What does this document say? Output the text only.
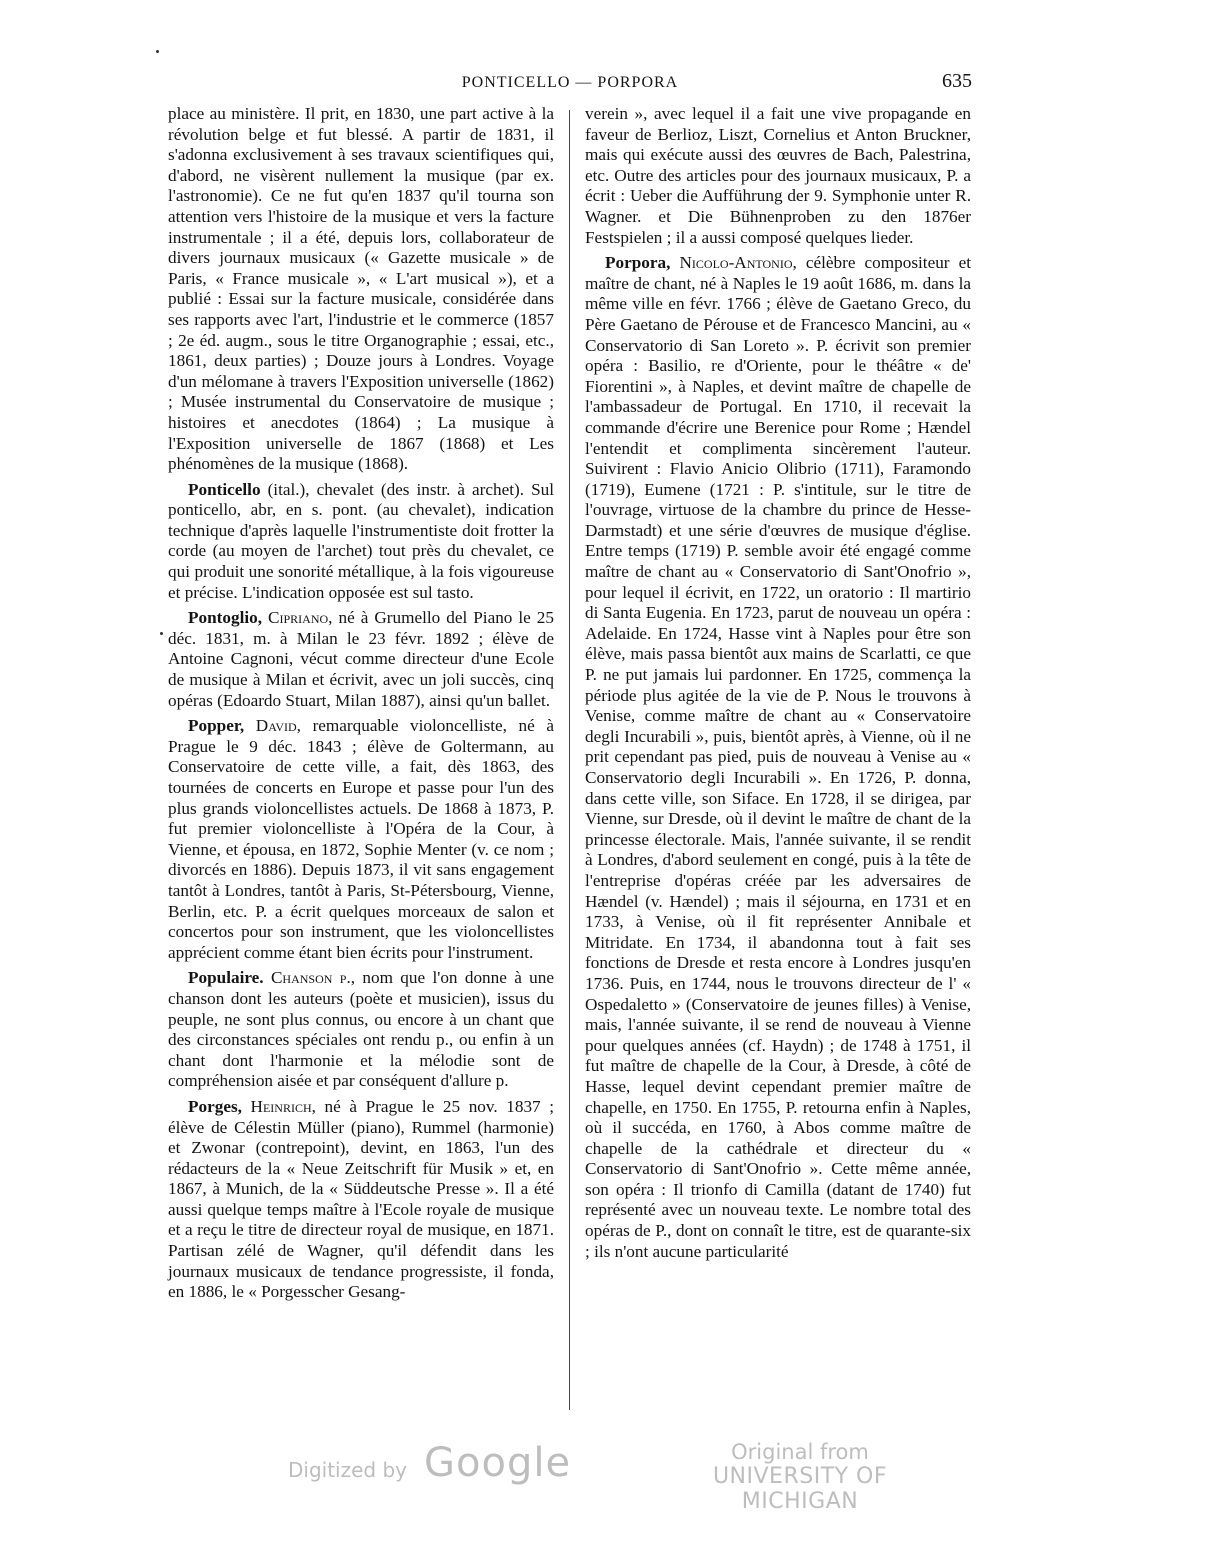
PONTICELLO — PORPORA	635

place au ministère. Il prit, en 1830, une part active à la révolution belge et fut blessé. A partir de 1831, il s'adonna exclusivement à ses travaux scientifiques qui, d'abord, ne visèrent nullement la musique (par ex. l'astronomie). Ce ne fut qu'en 1837 qu'il tourna son attention vers l'histoire de la musique et vers la facture instrumentale ; il a été, depuis lors, collaborateur de divers journaux musicaux (« Gazette musicale » de Paris, « France musicale », « L'art musical »), et a publié : Essai sur la facture musicale, considérée dans ses rapports avec l'art, l'industrie et le commerce (1857 ; 2e éd. augm., sous le titre Organographie ; essai, etc., 1861, deux parties) ; Douze jours à Londres. Voyage d'un mélomane à travers l'Exposition universelle (1862) ; Musée instrumental du Conservatoire de musique ; histoires et anecdotes (1864) ; La musique à l'Exposition universelle de 1867 (1868) et Les phénomènes de la musique (1868).

Ponticello (ital.), chevalet (des instr. à archet). Sul ponticello, abr, en s. pont. (au chevalet), indication technique d'après laquelle l'instrumentiste doit frotter la corde (au moyen de l'archet) tout près du chevalet, ce qui produit une sonorité métallique, à la fois vigoureuse et précise. L'indication opposée est sul tasto.

Pontoglio, Cipriano, né à Grumello del Piano le 25 déc. 1831, m. à Milan le 23 févr. 1892 ; élève de Antoine Cagnoni, vécut comme directeur d'une Ecole de musique à Milan et écrivit, avec un joli succès, cinq opéras (Edoardo Stuart, Milan 1887), ainsi qu'un ballet.

Popper, David, remarquable violoncelliste, né à Prague le 9 déc. 1843 ; élève de Goltermann, au Conservatoire de cette ville, a fait, dès 1863, des tournées de concerts en Europe et passe pour l'un des plus grands violoncellistes actuels. De 1868 à 1873, P. fut premier violoncelliste à l'Opéra de la Cour, à Vienne, et épousa, en 1872, Sophie Menter (v. ce nom ; divorcés en 1886). Depuis 1873, il vit sans engagement tantôt à Londres, tantôt à Paris, St-Pétersbourg, Vienne, Berlin, etc. P. a écrit quelques morceaux de salon et concertos pour son instrument, que les violoncellistes apprécient comme étant bien écrits pour l'instrument.

Populaire. Chanson p., nom que l'on donne à une chanson dont les auteurs (poète et musicien), issus du peuple, ne sont plus connus, ou encore à un chant que des circonstances spéciales ont rendu p., ou enfin à un chant dont l'harmonie et la mélodie sont de compréhension aisée et par conséquent d'allure p.

Porges, Heinrich, né à Prague le 25 nov. 1837 ; élève de Célestin Müller (piano), Rummel (harmonie) et Zwonar (contrepoint), devint, en 1863, l'un des rédacteurs de la « Neue Zeitschrift für Musik » et, en 1867, à Munich, de la « Süddeutsche Presse ». Il a été aussi quelque temps maître à l'Ecole royale de musique et a reçu le titre de directeur royal de musique, en 1871. Partisan zélé de Wagner, qu'il défendit dans les journaux musicaux de tendance progressiste, il fonda, en 1886, le « Porgesscher Gesang-

verein », avec lequel il a fait une vive propagande en faveur de Berlioz, Liszt, Cornelius et Anton Bruckner, mais qui exécute aussi des œuvres de Bach, Palestrina, etc. Outre des articles pour des journaux musicaux, P. a écrit : Ueber die Aufführung der 9. Symphonie unter R. Wagner. et Die Bühnenproben zu den 1876er Festspielen ; il a aussi composé quelques lieder.

Porpora, Nicolo-Antonio, célèbre compositeur et maître de chant, né à Naples le 19 août 1686, m. dans la même ville en févr. 1766 ; élève de Gaetano Greco, du Père Gaetano de Pérouse et de Francesco Mancini, au « Conservatorio di San Loreto ». P. écrivit son premier opéra : Basilio, re d'Oriente, pour le théâtre « de' Fiorentini », à Naples, et devint maître de chapelle de l'ambassadeur de Portugal. En 1710, il recevait la commande d'écrire une Berenice pour Rome ; Hændel l'entendit et complimenta sincèrement l'auteur. Suivirent : Flavio Anicio Olibrio (1711), Faramondo (1719), Eumene (1721 : P. s'intitule, sur le titre de l'ouvrage, virtuose de la chambre du prince de Hesse-Darmstadt) et une série d'œuvres de musique d'église. Entre temps (1719) P. semble avoir été engagé comme maître de chant au « Conservatorio di Sant'Onofrio », pour lequel il écrivit, en 1722, un oratorio : Il martirio di Santa Eugenia. En 1723, parut de nouveau un opéra : Adelaide. En 1724, Hasse vint à Naples pour être son élève, mais passa bientôt aux mains de Scarlatti, ce que P. ne put jamais lui pardonner. En 1725, commença la période plus agitée de la vie de P. Nous le trouvons à Venise, comme maître de chant au « Conservatoire degli Incurabili », puis, bientôt après, à Vienne, où il ne prit cependant pas pied, puis de nouveau à Venise au « Conservatorio degli Incurabili ». En 1726, P. donna, dans cette ville, son Siface. En 1728, il se dirigea, par Vienne, sur Dresde, où il devint le maître de chant de la princesse électorale. Mais, l'année suivante, il se rendit à Londres, d'abord seulement en congé, puis à la tête de l'entreprise d'opéras créée par les adversaires de Hændel (v. Hændel) ; mais il séjourna, en 1731 et en 1733, à Venise, où il fit représenter Annibale et Mitridate. En 1734, il abandonna tout à fait ses fonctions de Dresde et resta encore à Londres jusqu'en 1736. Puis, en 1744, nous le trouvons directeur de l' « Ospedaletto » (Conservatoire de jeunes filles) à Venise, mais, l'année suivante, il se rend de nouveau à Vienne pour quelques années (cf. Haydn) ; de 1748 à 1751, il fut maître de chapelle de la Cour, à Dresde, à côté de Hasse, lequel devint cependant premier maître de chapelle, en 1750. En 1755, P. retourna enfin à Naples, où il succéda, en 1760, à Abos comme maître de chapelle de la cathédrale et directeur du « Conservatorio di Sant'Onofrio ». Cette même année, son opéra : Il trionfo di Camilla (datant de 1740) fut représenté avec un nouveau texte. Le nombre total des opéras de P., dont on connaît le titre, est de quarante-six ; ils n'ont aucune particularité

Digitized by Google	Original from
UNIVERSITY OF MICHIGAN
